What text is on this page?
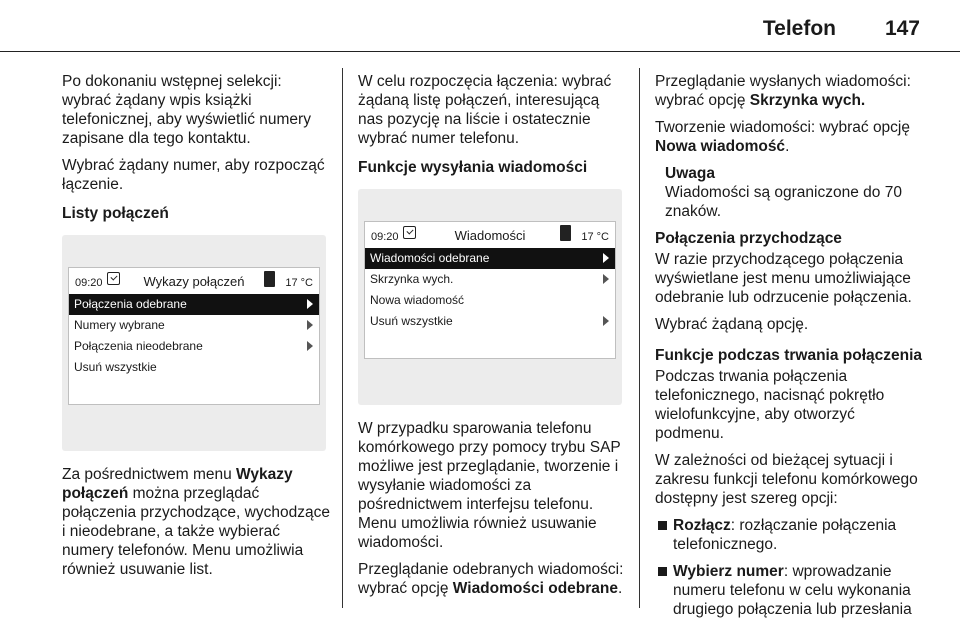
Telefon 147

Po dokonaniu wstępnej selekcji: wybrać żądany wpis książki telefonicznej, aby wyświetlić numery zapisane dla tego kontaktu.

Wybrać żądany numer, aby rozpocząć łączenie.

Listy połączeń
09:20	Wykazy połączeń	17 °C
Połączenia odebrane
Numery wybrane
Połączenia nieodebrane
Usuń wszystkie

Za pośrednictwem menu Wykazy połączeń można przeglądać połączenia przychodzące, wychodzące i nieodebrane, a także wybierać numery telefonów. Menu umożliwia również usuwanie list.

W celu rozpoczęcia łączenia: wybrać żądaną listę połączeń, interesującą nas pozycję na liście i ostatecznie wybrać numer telefonu.

Funkcje wysyłania wiadomości
09:20	Wiadomości	17 °C
Wiadomości odebrane
Skrzynka wych.
Nowa wiadomość
Usuń wszystkie

W przypadku sparowania telefonu komórkowego przy pomocy trybu SAP możliwe jest przeglądanie, tworzenie i wysyłanie wiadomości za pośrednictwem interfejsu telefonu. Menu umożliwia również usuwanie wiadomości.

Przeglądanie odebranych wiadomości: wybrać opcję Wiadomości odebrane.

Przeglądanie wysłanych wiadomości: wybrać opcję Skrzynka wych.

Tworzenie wiadomości: wybrać opcję Nowa wiadomość.

Uwaga
Wiadomości są ograniczone do 70 znaków.
Połączenia przychodzące

W razie przychodzącego połączenia wyświetlane jest menu umożliwiające odebranie lub odrzucenie połączenia.

Wybrać żądaną opcję.

Funkcje podczas trwania połączenia

Podczas trwania połączenia telefonicznego, nacisnąć pokrętło wielofunkcyjne, aby otworzyć podmenu.

W zależności od bieżącej sytuacji i zakresu funkcji telefonu komórkowego dostępny jest szereg opcji:

Rozłącz: rozłączanie połączenia telefonicznego.
Wybierz numer: wprowadzanie numeru telefonu w celu wykonania drugiego połączenia lub przesłania
